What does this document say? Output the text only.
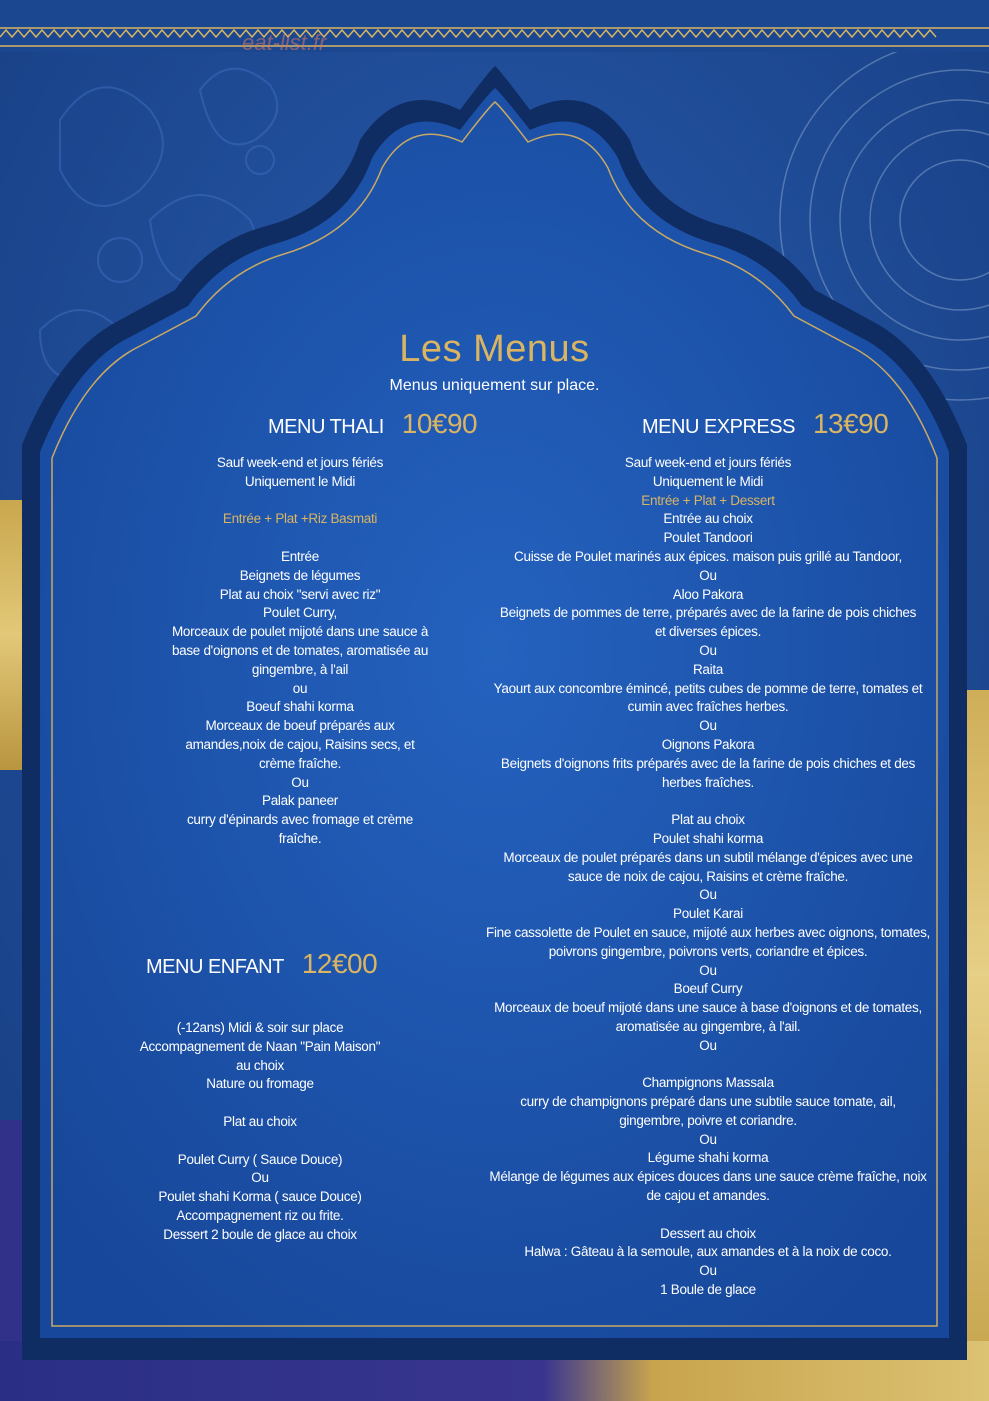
eat-list.fr
Les Menus
Menus uniquement sur place.
MENU THALI 10€90
Sauf week-end et jours fériés
Uniquement le Midi
Entrée + Plat +Riz Basmati
Entrée
Beignets de légumes
Plat au choix "servi avec riz"
Poulet Curry,
Morceaux de poulet mijoté dans une sauce à
base d'oignons et de tomates, aromatisée au
gingembre, à l'ail
ou
Boeuf shahi korma
Morceaux de boeuf préparés aux
amandes,noix de cajou, Raisins secs, et
crème fraîche.
Ou
Palak paneer
curry d'épinards avec fromage et crème
fraîche.
MENU ENFANT 12€00
(-12ans) Midi & soir sur place
Accompagnement de Naan "Pain Maison"
au choix
Nature ou fromage
Plat au choix
Poulet Curry ( Sauce Douce)
Ou
Poulet shahi Korma ( sauce Douce)
Accompagnement riz ou frite.
Dessert 2 boule de glace au choix
MENU EXPRESS 13€90
Sauf week-end et jours fériés
Uniquement le Midi
Entrée + Plat + Dessert
Entrée au choix
Poulet Tandoori
Cuisse de Poulet marinés aux épices. maison puis grillé au Tandoor,
Ou
Aloo Pakora
Beignets de pommes de terre, préparés avec de la farine de pois chiches
et diverses épices.
Ou
Raita
Yaourt aux concombre émincé, petits cubes de pomme de terre, tomates et
cumin avec fraîches herbes.
Ou
Oignons Pakora
Beignets d'oignons frits préparés avec de la farine de pois chiches et des
herbes fraîches.
Plat au choix
Poulet shahi korma
Morceaux de poulet préparés dans un subtil mélange d'épices avec une
sauce de noix de cajou, Raisins et crème fraîche.
Ou
Poulet Karai
Fine cassolette de Poulet en sauce, mijoté aux herbes avec oignons, tomates,
poivrons gingembre, poivrons verts, coriandre et épices.
Ou
Boeuf Curry
Morceaux de boeuf mijoté dans une sauce à base d'oignons et de tomates,
aromatisée au gingembre, à l'ail.
Ou
Champignons Massala
curry de champignons préparé dans une subtile sauce tomate, ail,
gingembre, poivre et coriandre.
Ou
Légume shahi korma
Mélange de légumes aux épices douces dans une sauce crème fraîche, noix
de cajou et amandes.
Dessert au choix
Halwa : Gâteau à la semoule, aux amandes et à la noix de coco.
Ou
1 Boule de glace
